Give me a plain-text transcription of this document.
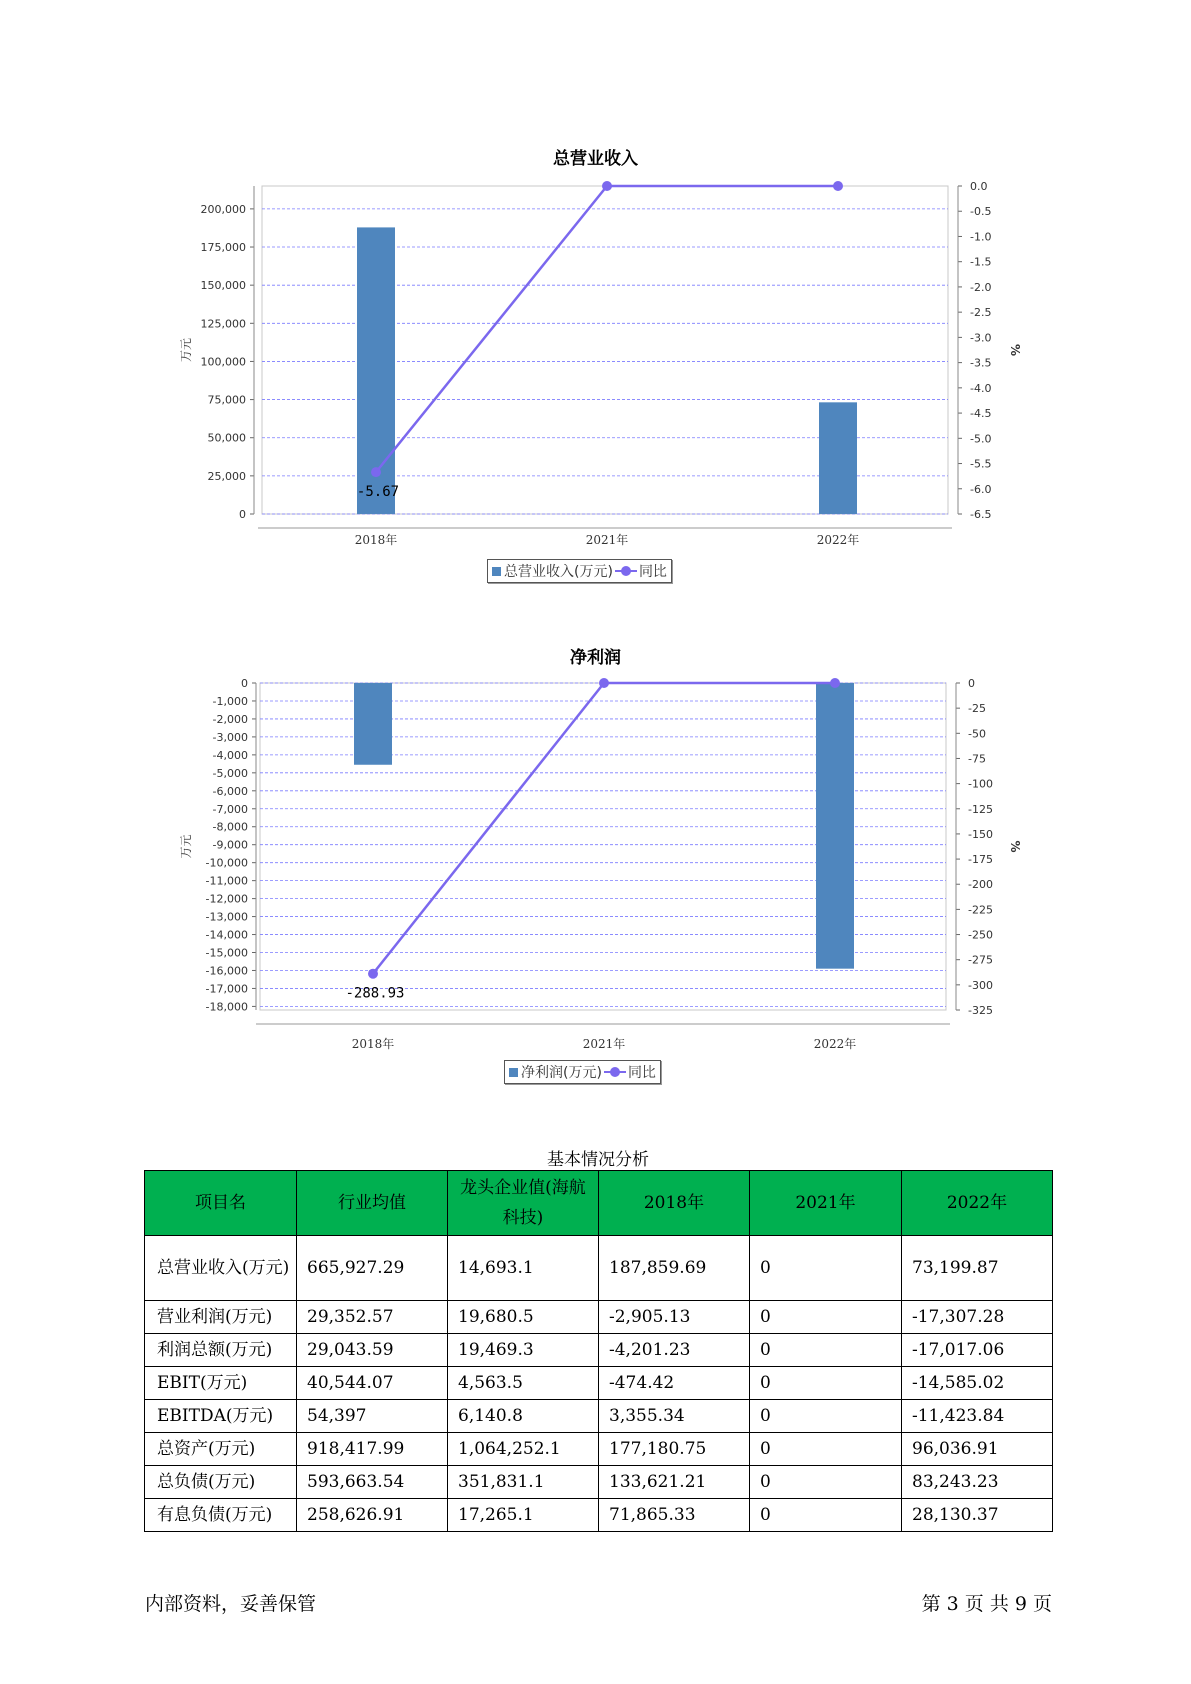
总营业收入
0
25,000
50,000
75,000
100,000
125,000
150,000
175,000
200,000
0.0
-0.5
-1.0
-1.5
-2.0
-2.5
-3.0
-3.5
-4.0
-4.5
-5.0
-5.5
-6.0
-6.5
万元	%
2018年	2021年	2022年
-5.67
总营业收入(万元) 同比
净利润
0
-1,000
-2,000
-3,000
-4,000
-5,000
-6,000
-7,000
-8,000
-9,000
-10,000
-11,000
-12,000
-13,000
-14,000
-15,000
-16,000
-17,000
-18,000
0
-25
-50
-75
-100
-125
-150
-175
-200
-225
-250
-275
-300
-325
万元	%
2018年	2021年	2022年
-288.93
净利润(万元) 同比
基本情况分析
项目名	行业均值	龙头企业值(海航科技)	2018年	2021年	2022年
总营业收入(万元)	665,927.29	14,693.1	187,859.69	0	73,199.87
营业利润(万元)	29,352.57	19,680.5	-2,905.13	0	-17,307.28
利润总额(万元)	29,043.59	19,469.3	-4,201.23	0	-17,017.06
EBIT(万元)	40,544.07	4,563.5	-474.42	0	-14,585.02
EBITDA(万元)	54,397	6,140.8	3,355.34	0	-11,423.84
总资产(万元)	918,417.99	1,064,252.1	177,180.75	0	96,036.91
总负债(万元)	593,663.54	351,831.1	133,621.21	0	83,243.23
有息负债(万元)	258,626.91	17,265.1	71,865.33	0	28,130.37
内部资料，妥善保管	第 3 页 共 9 页
